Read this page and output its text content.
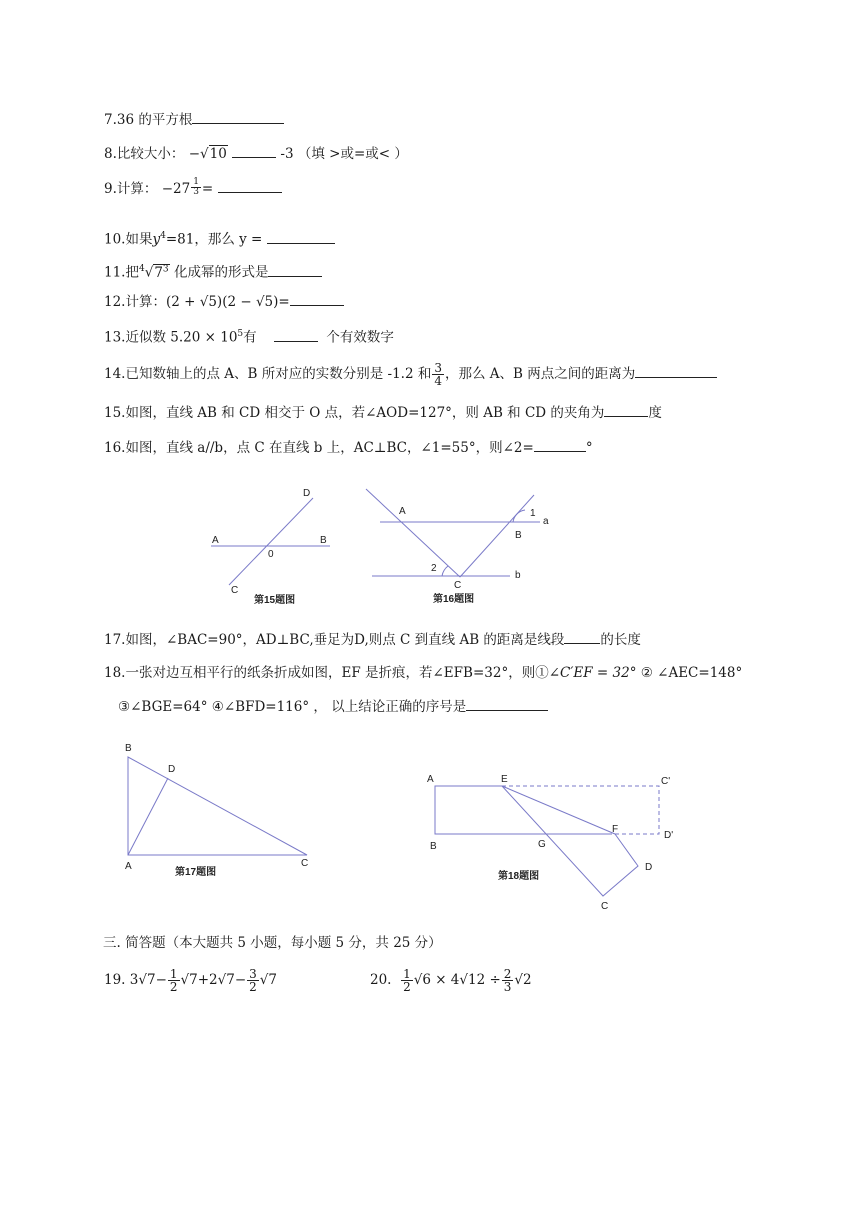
7.36 的平方根
8.比较大小： −√10	-3 （填 >或=或< ）
9.计算： $-27 \frac{1}{3}$ =
10.如果$y^4=81$，那么 y =
11.把$^4√7^3$ 化成幂的形式是
12.计算：(2 + √5)(2 − √5)=
13.近似数 $5.20 \times 10^5$有	个有效数字
14.已知数轴上的点 A、B 所对应的实数分别是 -1.2 和 $\frac{3}{4}$ ，那么 A、B 两点之间的距离为
15.如图，直线 AB 和 CD 相交于 O 点，若∠AOD=127°，则 AB 和 CD 的夹角为	度
16.如图，直线 a//b，点 C 在直线 b 上，AC⊥BC，∠1=55°，则∠2=	°
A	B
D
0
C
第15题图
A
B
C
1
2
a
b
第16题图
17.如图，∠BAC=90°，AD⊥BC,垂足为D,则点 C 到直线 AB 的距离是线段	的长度
18.一张对边互相平行的纸条折成如图，EF 是折痕，若∠EFB=32°，则①∠C′EF = 32° ② ∠AEC=148°
③∠BGE=64° ④∠BFD=116° ， 以上结论正确的序号是
B
D
A	C
第17题图
A	E	C'
F
D'
G
B
D
C
第18题图
三. 简答题（本大题共 5 小题，每小题 5 分，共 25 分）
19. $3√7- \frac{1}{2} √7+2√7- \frac{3}{2} √7$	20. $\frac{1}{2} √6 \times 4√12 \div \frac{2}{3} √2$
